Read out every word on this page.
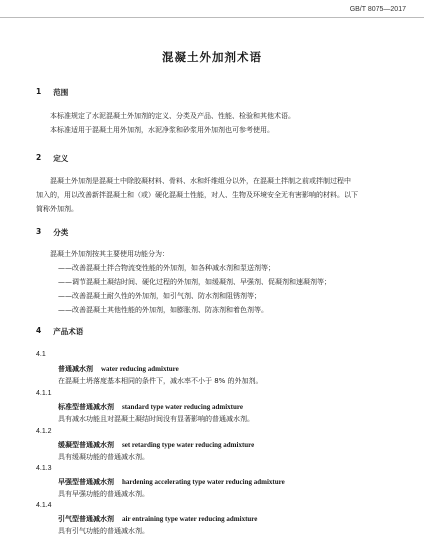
GB/T 8075—2017
混凝土外加剂术语
1 范围
本标准规定了水泥混凝土外加剂的定义、分类及产品、性能、检验和其他术语。
本标准适用于混凝土用外加剂，水泥净浆和砂浆用外加剂也可参考使用。
2 定义
混凝土外加剂是混凝土中除胶凝材料、骨料、水和纤维组分以外，在混凝土拌制之前或拌制过程中
加入的，用以改善新拌混凝土和（或）硬化混凝土性能，对人、生物及环境安全无有害影响的材料。以下
简称外加剂。
3 分类
混凝土外加剂按其主要使用功能分为：
——改善混凝土拌合物流变性能的外加剂，如各种减水剂和泵送剂等；
——调节混凝土凝结时间、硬化过程的外加剂，如缓凝剂、早强剂、促凝剂和速凝剂等；
——改善混凝土耐久性的外加剂，如引气剂、防水剂和阻锈剂等；
——改善混凝土其他性能的外加剂，如膨胀剂、防冻剂和着色剂等。
4 产品术语
4.1
普通减水剂 water reducing admixture
在混凝土坍落度基本相同的条件下，减水率不小于 8% 的外加剂。
4.1.1
标准型普通减水剂 standard type water reducing admixture
具有减水功能且对混凝土凝结时间没有显著影响的普通减水剂。
4.1.2
缓凝型普通减水剂 set retarding type water reducing admixture
具有缓凝功能的普通减水剂。
4.1.3
早强型普通减水剂 hardening accelerating type water reducing admixture
具有早强功能的普通减水剂。
4.1.4
引气型普通减水剂 air entraining type water reducing admixture
具有引气功能的普通减水剂。
